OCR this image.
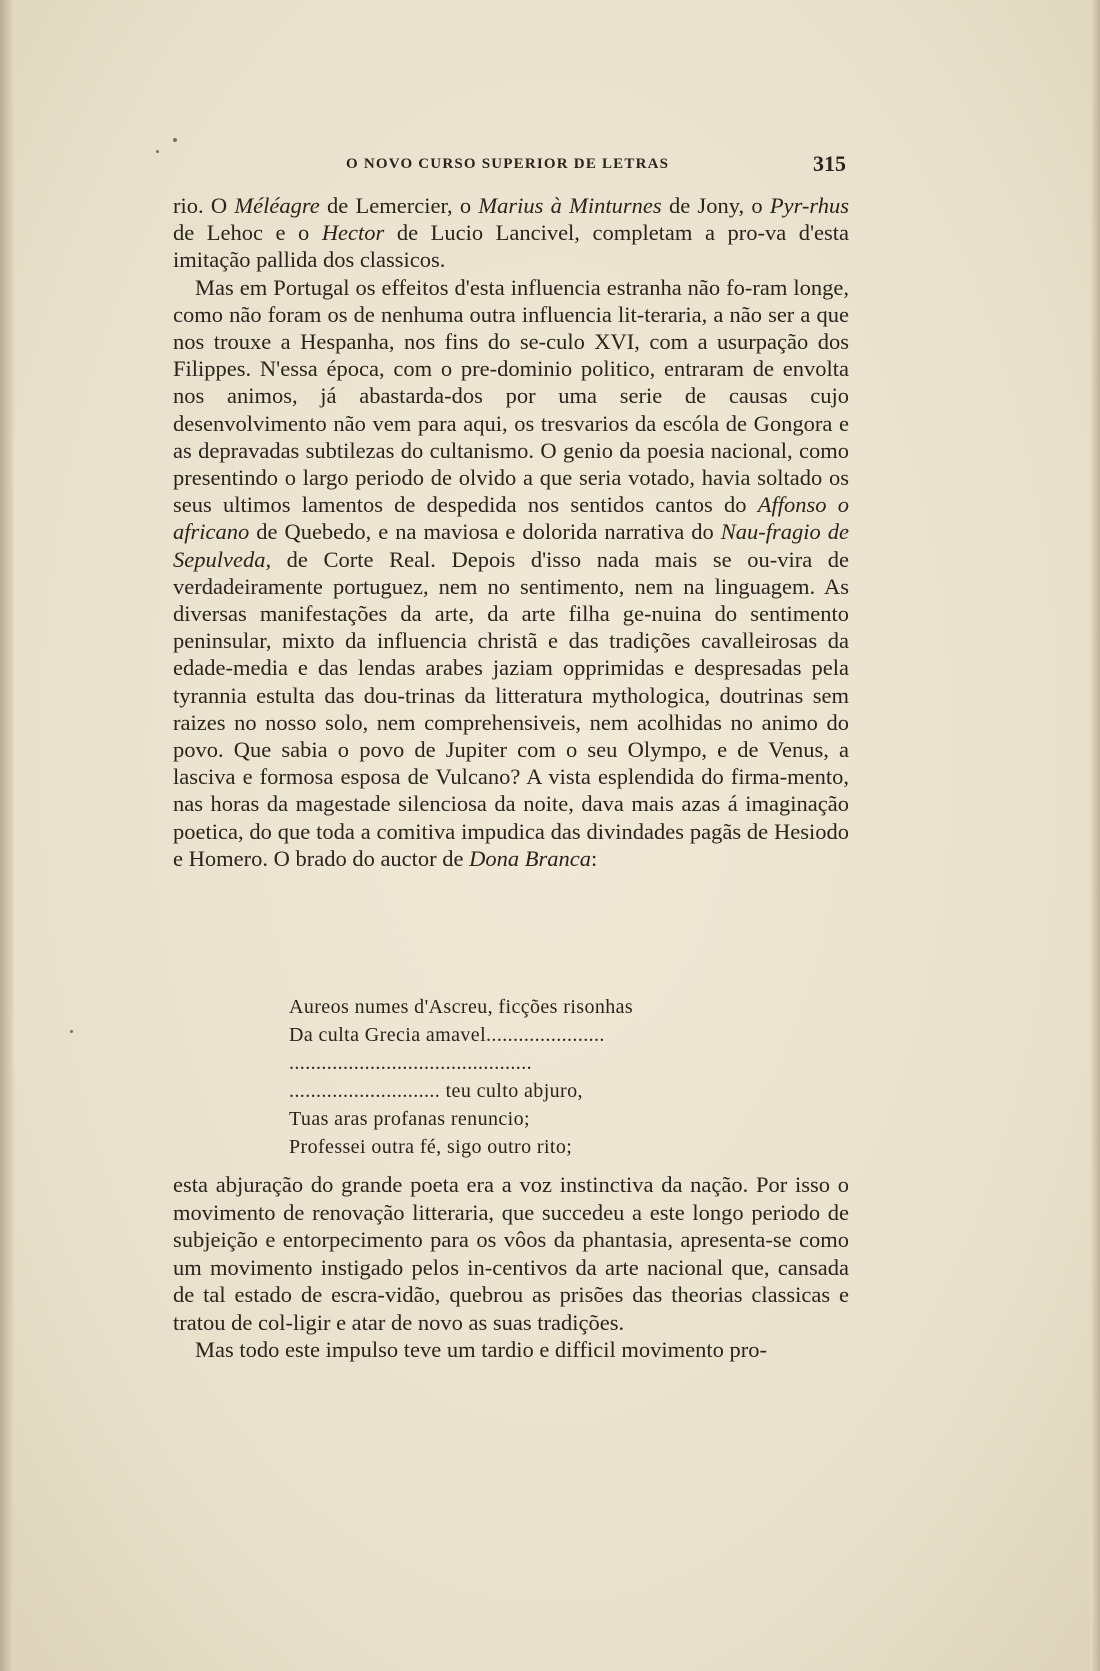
O NOVO CURSO SUPERIOR DE LETRAS	315

rio. O Méléagre de Lemercier, o Marius à Minturnes de Jony, o Pyr-rhus de Lehoc e o Hector de Lucio Lancivel, completam a pro-va d'esta imitação pallida dos classicos.

Mas em Portugal os effeitos d'esta influencia estranha não fo-ram longe, como não foram os de nenhuma outra influencia lit-teraria, a não ser a que nos trouxe a Hespanha, nos fins do se-culo XVI, com a usurpação dos Filippes. N'essa época, com o pre-dominio politico, entraram de envolta nos animos, já abastarda-dos por uma serie de causas cujo desenvolvimento não vem para aqui, os tresvarios da escóla de Gongora e as depravadas subtilezas do cultanismo. O genio da poesia nacional, como presentindo o largo periodo de olvido a que seria votado, havia soltado os seus ultimos lamentos de despedida nos sentidos cantos do Affonso o africano de Quebedo, e na maviosa e dolorida narrativa do Nau-fragio de Sepulveda, de Corte Real. Depois d'isso nada mais se ou-vira de verdadeiramente portuguez, nem no sentimento, nem na linguagem. As diversas manifestações da arte, da arte filha ge-nuina do sentimento peninsular, mixto da influencia christã e das tradições cavalleirosas da edade-media e das lendas arabes jaziam opprimidas e despresadas pela tyrannia estulta das dou-trinas da litteratura mythologica, doutrinas sem raizes no nosso solo, nem comprehensiveis, nem acolhidas no animo do povo. Que sabia o povo de Jupiter com o seu Olympo, e de Venus, a lasciva e formosa esposa de Vulcano? A vista esplendida do firma-mento, nas horas da magestade silenciosa da noite, dava mais azas á imaginação poetica, do que toda a comitiva impudica das divindades pagãs de Hesiodo e Homero. O brado do auctor de Dona Branca:

Aureos numes d'Ascreu, ficções risonhas
Da culta Grecia amavel......................
.............................................
............................ teu culto abjuro,
Tuas aras profanas renuncio;
Professei outra fé, sigo outro rito;

esta abjuração do grande poeta era a voz instinctiva da nação. Por isso o movimento de renovação litteraria, que succedeu a este longo periodo de subjeição e entorpecimento para os vôos da phantasia, apresenta-se como um movimento instigado pelos in-centivos da arte nacional que, cansada de tal estado de escra-vidão, quebrou as prisões das theorias classicas e tratou de col-ligir e atar de novo as suas tradições.

Mas todo este impulso teve um tardio e difficil movimento pro-
